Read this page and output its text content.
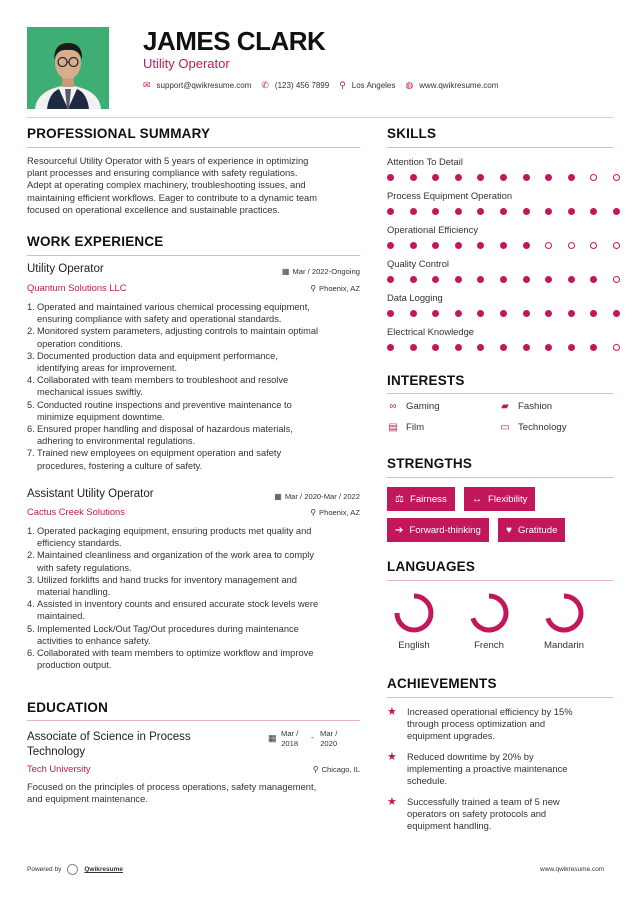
JAMES CLARK
Utility Operator
✉ support@qwikresume.com ✆ (123) 456 7899 ⚲ Los Angeles ◍ www.qwikresume.com
PROFESSIONAL SUMMARY
Resourceful Utility Operator with 5 years of experience in optimizing
plant processes and ensuring compliance with safety regulations.
Adept at operating complex machinery, troubleshooting issues, and
maintaining efficient workflows. Eager to contribute to a dynamic team
focused on operational excellence and sustainable practices.
WORK EXPERIENCE
Utility Operator
Quantum Solutions LLC
▦ Mar / 2022-Ongoing
⚲ Phoenix, AZ
1. Operated and maintained various chemical processing equipment,
ensuring compliance with safety and operational standards.
2. Monitored system parameters, adjusting controls to maintain optimal
operation conditions.
3. Documented production data and equipment performance,
identifying areas for improvement.
4. Collaborated with team members to troubleshoot and resolve
mechanical issues swiftly.
5. Conducted routine inspections and preventive maintenance to
minimize equipment downtime.
6. Ensured proper handling and disposal of hazardous materials,
adhering to environmental regulations.
7. Trained new employees on equipment operation and safety
procedures, fostering a culture of safety.
Assistant Utility Operator
Cactus Creek Solutions
▦ Mar / 2020-Mar / 2022
⚲ Phoenix, AZ
1. Operated packaging equipment, ensuring products met quality and
efficiency standards.
2. Maintained cleanliness and organization of the work area to comply
with safety regulations.
3. Utilized forklifts and hand trucks for inventory management and
material handling.
4. Assisted in inventory counts and ensured accurate stock levels were
maintained.
5. Implemented Lock/Out Tag/Out procedures during maintenance
activities to enhance safety.
6. Collaborated with team members to optimize workflow and improve
production output.
EDUCATION
Associate of Science in Process
Technology
Tech University
▦ Mar /
2018
- Mar /
2020
⚲ Chicago, IL
Focused on the principles of process operations, safety management,
and equipment maintenance.
SKILLS
Attention To Detail
Process Equipment Operation
Operational Efficiency
Quality Control
Data Logging
Electrical Knowledge
INTERESTS
∞ Gaming	▰ Fashion
▤ Film	▭ Technology
STRENGTHS
⚖ Fairness	↔ Flexibility
➔ Forward-thinking	♥ Gratitude
LANGUAGES
English	French	Mandarin
ACHIEVEMENTS
★	Increased operational efficiency by 15%
through process optimization and
equipment upgrades.
★	Reduced downtime by 20% by
implementing a proactive maintenance
schedule.
★	Successfully trained a team of 5 new
operators on safety protocols and
equipment handling.
Powered by	Qwikresume	www.qwikresume.com
